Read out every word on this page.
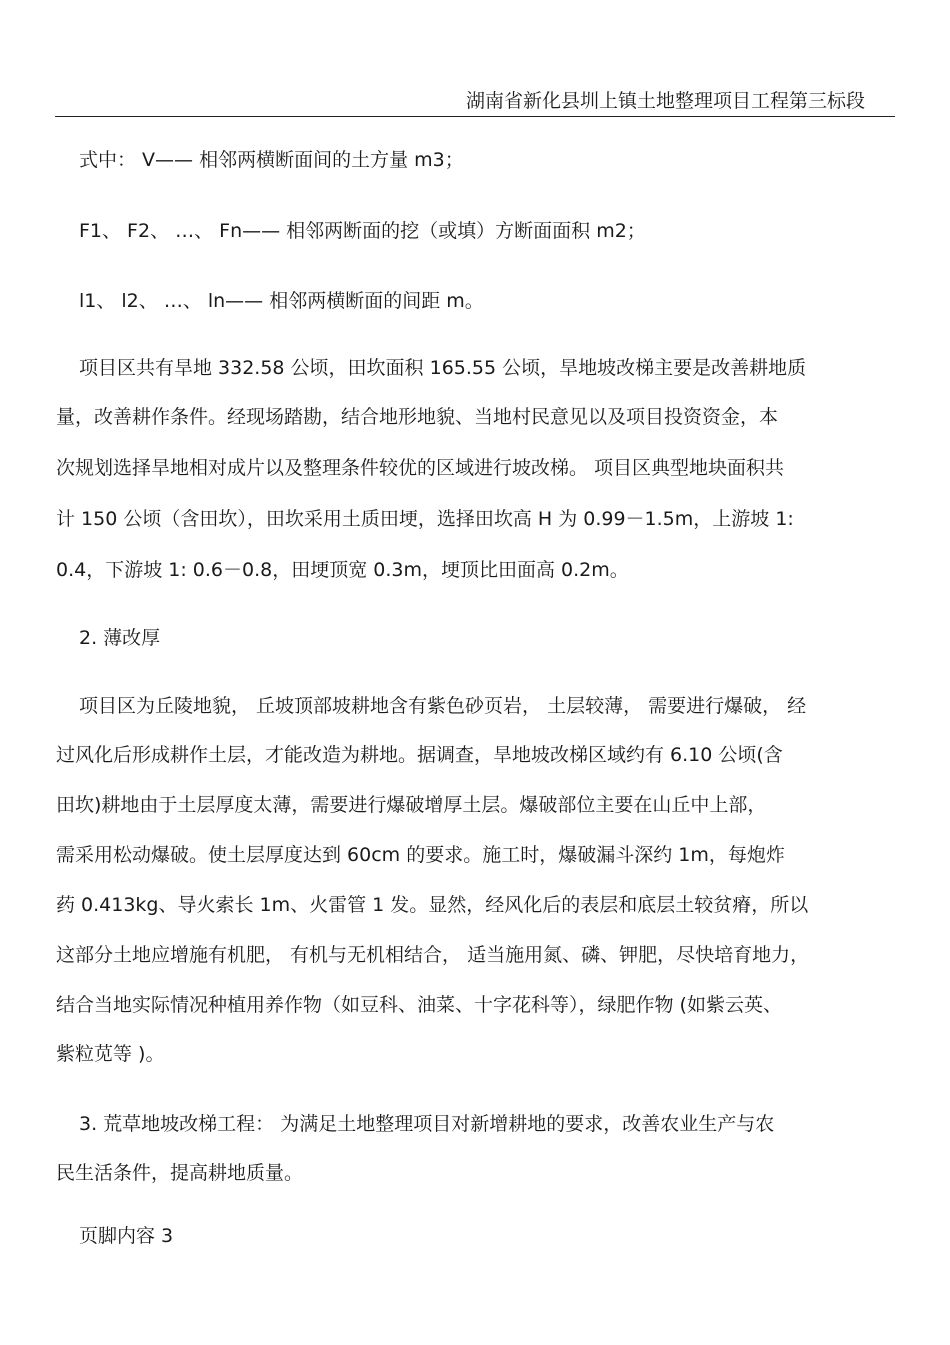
湖南省新化县圳上镇土地整理项目工程第三标段
式中： V—— 相邻两横断面间的土方量 m3；
F1、 F2、 …、 Fn—— 相邻两断面的挖（或填）方断面面积 m2；
l1、 l2、 …、 ln—— 相邻两横断面的间距 m。
项目区共有旱地 332.58 公顷，田坎面积 165.55 公顷，旱地坡改梯主要是改善耕地质
量，改善耕作条件。经现场踏勘，结合地形地貌、当地村民意见以及项目投资资金，本
次规划选择旱地相对成片以及整理条件较优的区域进行坡改梯。 项目区典型地块面积共
计 150 公顷（含田坎），田坎采用土质田埂，选择田坎高 H 为 0.99－1.5m，上游坡 1:
0.4，下游坡 1: 0.6－0.8，田埂顶宽 0.3m，埂顶比田面高 0.2m。
2. 薄改厚
项目区为丘陵地貌， 丘坡顶部坡耕地含有紫色砂页岩， 土层较薄， 需要进行爆破， 经
过风化后形成耕作土层，才能改造为耕地。据调查，旱地坡改梯区域约有 6.10 公顷(含
田坎)耕地由于土层厚度太薄，需要进行爆破增厚土层。爆破部位主要在山丘中上部，
需采用松动爆破。使土层厚度达到 60cm 的要求。施工时，爆破漏斗深约 1m，每炮炸
药 0.413kg、导火索长 1m、火雷管 1 发。显然，经风化后的表层和底层土较贫瘠，所以
这部分土地应增施有机肥， 有机与无机相结合， 适当施用氮、磷、钾肥，尽快培育地力，
结合当地实际情况种植用养作物（如豆科、油菜、十字花科等），绿肥作物 (如紫云英、
紫粒苋等 )。
3. 荒草地坡改梯工程： 为满足土地整理项目对新增耕地的要求，改善农业生产与农
民生活条件，提高耕地质量。
页脚内容 3
